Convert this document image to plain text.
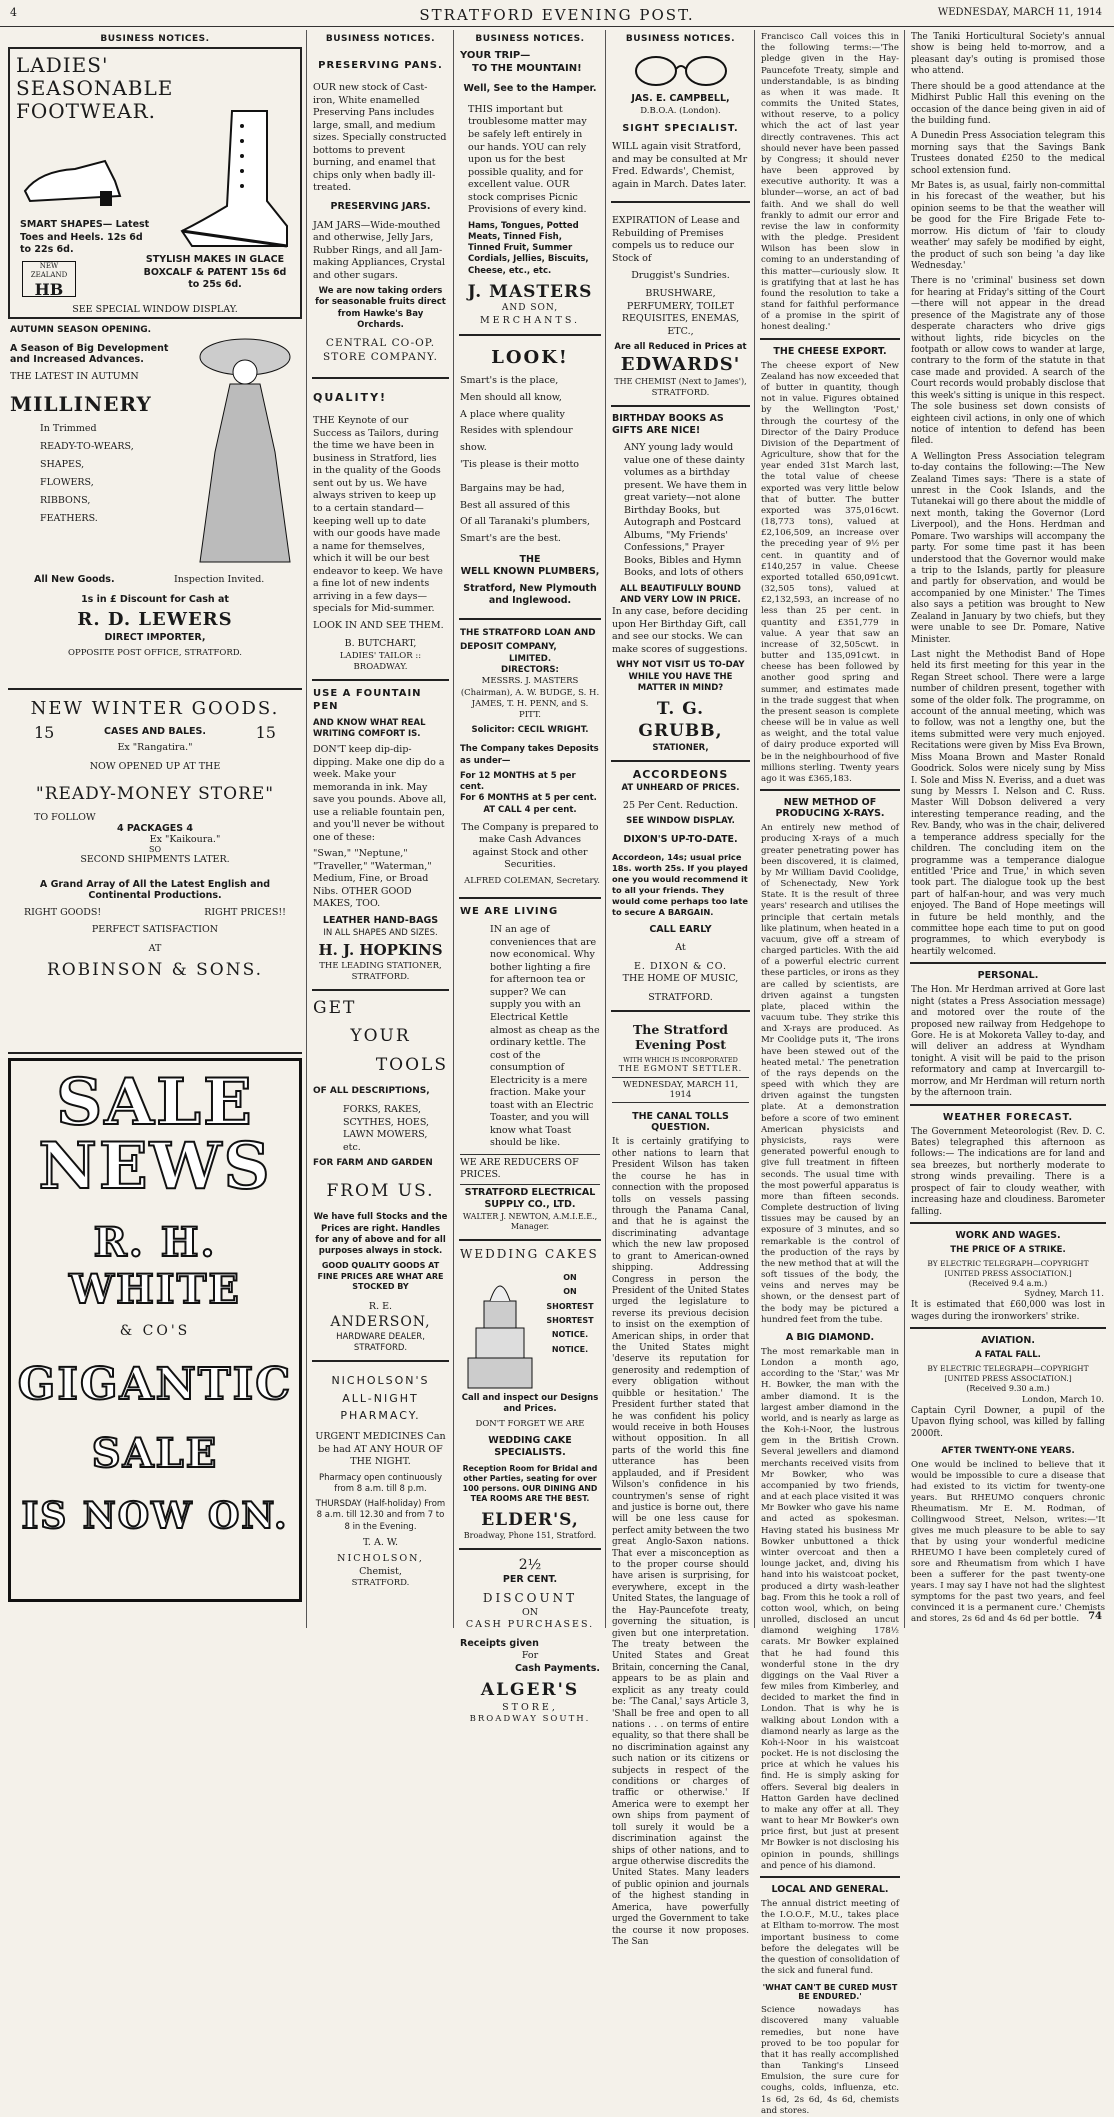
4	STRATFORD EVENING POST.	WEDNESDAY, MARCH 11, 1914
BUSINESS NOTICES.
LADIES' SEASONABLE FOOTWEAR.
SMART SHAPES— Latest Toes and Heels. 12s 6d to 22s 6d.
NEW ZEALAND
HB
STYLISH MAKES IN GLACE BOXCALF & PATENT 15s 6d to 25s 6d.
SEE SPECIAL WINDOW DISPLAY.
AUTUMN SEASON OPENING.
A Season of Big Development and Increased Advances.
THE LATEST IN AUTUMN
MILLINERY
In Trimmed
READY-TO-WEARS,
SHAPES,
FLOWERS,
RIBBONS,
FEATHERS.
All New Goods.	Inspection Invited.
1s in £ Discount for Cash at
R. D. LEWERS
DIRECT IMPORTER,
OPPOSITE POST OFFICE, STRATFORD.
NEW WINTER GOODS.
15	CASES AND BALES.	15
Ex "Rangatira."
NOW OPENED UP AT THE
"READY-MONEY STORE"
TO FOLLOW
4 PACKAGES 4
Ex "Kaikoura."
SO
SECOND SHIPMENTS LATER.
A Grand Array of All the Latest English and Continental Productions.
RIGHT GOODS!	RIGHT PRICES!!
PERFECT SATISFACTION
AT
ROBINSON & SONS.
SALE
NEWS
R. H. WHITE
& CO'S
GIGANTIC
SALE
IS NOW ON.
BUSINESS NOTICES.
PRESERVING PANS.

OUR new stock of Cast-iron, White enamelled Preserving Pans includes large, small, and medium sizes. Specially constructed bottoms to prevent burning, and enamel that chips only when badly ill-treated.

PRESERVING JARS.

JAM JARS—Wide-mouthed and otherwise, Jelly Jars, Rubber Rings, and all Jam-making Appliances, Crystal and other sugars.

We are now taking orders for seasonable fruits direct from Hawke's Bay Orchards.

CENTRAL CO-OP. STORE COMPANY.
QUALITY!

THE Keynote of our Success as Tailors, during the time we have been in business in Stratford, lies in the quality of the Goods sent out by us. We have always striven to keep up to a certain standard—keeping well up to date with our goods have made a name for themselves, which it will be our best endeavor to keep. We have a fine lot of new indents arriving in a few days—specials for Mid-summer.

LOOK IN AND SEE THEM.

B. BUTCHART,
LADIES' TAILOR :: BROADWAY.
USE A FOUNTAIN PEN
AND KNOW WHAT REAL WRITING COMFORT IS.

DON'T keep dip-dip-dipping. Make one dip do a week. Make your memoranda in ink. May save you pounds. Above all, use a reliable fountain pen, and you'll never be without one of these:

"Swan," "Neptune," "Traveller," "Waterman," Medium, Fine, or Broad Nibs. OTHER GOOD MAKES, TOO.

LEATHER HAND-BAGS
IN ALL SHAPES AND SIZES.
H. J. HOPKINS
THE LEADING STATIONER,
STRATFORD.
GET
YOUR
TOOLS
OF ALL DESCRIPTIONS,

FORKS, RAKES, SCYTHES, HOES, LAWN MOWERS, etc.

FOR FARM AND GARDEN
FROM US.

We have full Stocks and the Prices are right. Handles for any of above and for all purposes always in stock.

GOOD QUALITY GOODS AT FINE PRICES ARE WHAT ARE STOCKED BY

R. E.
ANDERSON,
HARDWARE DEALER,
STRATFORD.
NICHOLSON'S ALL-NIGHT PHARMACY.

URGENT MEDICINES Can be had AT ANY HOUR OF THE NIGHT.

Pharmacy open continuously from 8 a.m. till 8 p.m.

THURSDAY (Half-holiday) From 8 a.m. till 12.30 and from 7 to 8 in the Evening.

T. A. W.
NICHOLSON,
Chemist,
STRATFORD.
BUSINESS NOTICES.
YOUR TRIP—
TO THE MOUNTAIN!
Well, See to the Hamper.

THIS important but troublesome matter may be safely left entirely in our hands. YOU can rely upon us for the best possible quality, and for excellent value. OUR stock comprises Picnic Provisions of every kind.

Hams, Tongues, Potted Meats, Tinned Fish, Tinned Fruit, Summer Cordials, Jellies, Biscuits, Cheese, etc., etc.

J. MASTERS
AND SON,
MERCHANTS.
LOOK!
Smart's is the place,
Men should all know,
A place where quality
Resides with splendour show.
'Tis please is their motto
Bargains may be had,
Best all assured of this
Of all Taranaki's plumbers,
Smart's are the best.
THE
WELL KNOWN PLUMBERS,
Stratford, New Plymouth and Inglewood.
THE STRATFORD LOAN AND DEPOSIT COMPANY,
LIMITED.
DIRECTORS:

MESSRS. J. MASTERS (Chairman), A. W. BUDGE, S. H. JAMES, T. H. PENN, and S. PITT.

Solicitor: CECIL WRIGHT.

The Company takes Deposits as under—

For 12 MONTHS at 5 per cent.
For 6 MONTHS at 5 per cent.
AT CALL 4 per cent.

The Company is prepared to make Cash Advances against Stock and other Securities.

ALFRED COLEMAN, Secretary.

WE ARE LIVING

IN an age of conveniences that are now economical. Why bother lighting a fire for afternoon tea or supper? We can supply you with an Electrical Kettle almost as cheap as the ordinary kettle. The cost of the consumption of Electricity is a mere fraction. Make your toast with an Electric Toaster, and you will know what Toast should be like.

WE ARE REDUCERS OF PRICES.
STRATFORD ELECTRICAL SUPPLY CO., LTD.
WALTER J. NEWTON, A.M.I.E.E., Manager.
WEDDING CAKES
ON
ON
SHORTEST
SHORTEST
NOTICE.
NOTICE.

Call and inspect our Designs and Prices.

DON'T FORGET WE ARE
WEDDING CAKE SPECIALISTS.

Reception Room for Bridal and other Parties, seating for over 100 persons. OUR DINING AND TEA ROOMS ARE THE BEST.

ELDER'S,
Broadway, Phone 151, Stratford.
2½
PER CENT.
DISCOUNT
ON
CASH PURCHASES.
Receipts given
For
Cash Payments.
ALGER'S
STORE,
BROADWAY SOUTH.
BUSINESS NOTICES.
JAS. E. CAMPBELL,
D.B.O.A. (London).
SIGHT SPECIALIST.

WILL again visit Stratford, and may be consulted at Mr Fred. Edwards', Chemist, again in March. Dates later.

EXPIRATION of Lease and Rebuilding of Premises compels us to reduce our Stock of

Druggist's Sundries.

BRUSHWARE, PERFUMERY, TOILET REQUISITES, ENEMAS, ETC.,

Are all Reduced in Prices at
EDWARDS'
THE CHEMIST (Next to James'),
STRATFORD.
BIRTHDAY BOOKS AS GIFTS ARE NICE!

ANY young lady would value one of these dainty volumes as a birthday present. We have them in great variety—not alone Birthday Books, but Autograph and Postcard Albums, "My Friends' Confessions," Prayer Books, Bibles and Hymn Books, and lots of others

ALL BEAUTIFULLY BOUND AND VERY LOW IN PRICE.

In any case, before deciding upon Her Birthday Gift, call and see our stocks. We can make scores of suggestions.

WHY NOT VISIT US TO-DAY WHILE YOU HAVE THE MATTER IN MIND?
T. G. GRUBB,
STATIONER,
ACCORDEONS
AT UNHEARD OF PRICES.
25 Per Cent. Reduction.
SEE WINDOW DISPLAY.
DIXON'S UP-TO-DATE.

Accordeon, 14s; usual price 18s. worth 25s. If you played one you would recommend it to all your friends. They would come perhaps too late to secure A BARGAIN.

CALL EARLY
At
E. DIXON & CO.
THE HOME OF MUSIC,
STRATFORD.
The Stratford Evening Post
WITH WHICH IS INCORPORATED
THE EGMONT SETTLER.
WEDNESDAY, MARCH 11, 1914
THE CANAL TOLLS QUESTION.
It is certainly gratifying to other nations to learn that President Wilson has taken the course he has in connection with the proposed tolls on vessels passing through the Panama Canal, and that he is against the discriminating advantage which the new law proposed to grant to American-owned shipping. Addressing Congress in person the President of the United States urged the legislature to reverse its previous decision to insist on the exemption of American ships, in order that the United States might 'deserve its reputation for generosity and redemption of every obligation without quibble or hesitation.' The President further stated that he was confident his policy would receive in both Houses without opposition. In all parts of the world this fine utterance has been applauded, and if President Wilson's confidence in his countrymen's sense of right and justice is borne out, there will be one less cause for perfect amity between the two great Anglo-Saxon nations. That ever a misconception as to the proper course should have arisen is surprising, for everywhere, except in the United States, the language of the Hay-Pauncefote treaty, governing the situation, is given but one interpretation. The treaty between the United States and Great Britain, concerning the Canal, appears to be as plain and explicit as any treaty could be: 'The Canal,' says Article 3, 'Shall be free and open to all nations . . . on terms of entire equality, so that there shall be no discrimination against any such nation or its citizens or subjects in respect of the conditions or charges of traffic or otherwise.' If America were to exempt her own ships from payment of toll surely it would be a discrimination against the ships of other nations, and to argue otherwise discredits the United States. Many leaders of public opinion and journals of the highest standing in America, have powerfully urged the Government to take the course it now proposes. The San
Francisco Call voices this in the following terms:—'The pledge given in the Hay-Pauncefote Treaty, simple and understandable, is as binding as when it was made. It commits the United States, without reserve, to a policy which the act of last year directly contravenes. This act should never have been passed by Congress; it should never have been approved by executive authority. It was a blunder—worse, an act of bad faith. And we shall do well frankly to admit our error and revise the law in conformity with the pledge. President Wilson has been slow in coming to an understanding of this matter—curiously slow. It is gratifying that at last he has found the resolution to take a stand for faithful performance of a promise in the spirit of honest dealing.'
THE CHEESE EXPORT.
The cheese export of New Zealand has now exceeded that of butter in quantity, though not in value. Figures obtained by the Wellington 'Post,' through the courtesy of the Director of the Dairy Produce Division of the Department of Agriculture, show that for the year ended 31st March last, the total value of cheese exported was very little below that of butter. The butter exported was 375,016cwt. (18,773 tons), valued at £2,106,509, an increase over the preceding year of 9½ per cent. in quantity and of £140,257 in value. Cheese exported totalled 650,091cwt. (32,505 tons), valued at £2,132,593, an increase of no less than 25 per cent. in quantity and £351,779 in value. A year that saw an increase of 32,505cwt. in butter and 135,091cwt. in cheese has been followed by another good spring and summer, and estimates made in the trade suggest that when the present season is complete cheese will be in value as well as weight, and the total value of dairy produce exported will be in the neighbourhood of five millions sterling. Twenty years ago it was £365,183.
NEW METHOD OF PRODUCING X-RAYS.
An entirely new method of producing X-rays of a much greater penetrating power has been discovered, it is claimed, by Mr William David Coolidge, of Schenectady, New York State. It is the result of three years' research and utilises the principle that certain metals like platinum, when heated in a vacuum, give off a stream of charged particles. With the aid of a powerful electric current these particles, or irons as they are called by scientists, are driven against a tungsten plate, placed within the vacuum tube. They strike this and X-rays are produced. As Mr Coolidge puts it, 'The irons have been stewed out of the heated metal.' The penetration of the rays depends on the speed with which they are driven against the tungsten plate. At a demonstration before a score of two eminent American physicists and physicists, rays were generated powerful enough to give full treatment in fifteen seconds. The usual time with the most powerful apparatus is more than fifteen seconds. Complete destruction of living tissues may be caused by an exposure of 3 minutes, and so remarkable is the control of the production of the rays by the new method that at will the soft tissues of the body, the veins and nerves may be shown, or the densest part of the body may be pictured a hundred feet from the tube.
A BIG DIAMOND.
The most remarkable man in London a month ago, according to the 'Star,' was Mr H. Bowker, the man with the amber diamond. It is the largest amber diamond in the world, and is nearly as large as the Koh-i-Noor, the lustrous gem in the British Crown. Several jewellers and diamond merchants received visits from Mr Bowker, who was accompanied by two friends, and at each place visited it was Mr Bowker who gave his name and acted as spokesman. Having stated his business Mr Bowker unbuttoned a thick winter overcoat and then a lounge jacket, and, diving his hand into his waistcoat pocket, produced a dirty wash-leather bag. From this he took a roll of cotton wool, which, on being unrolled, disclosed an uncut diamond weighing 178½ carats. Mr Bowker explained that he had found this wonderful stone in the dry diggings on the Vaal River a few miles from Kimberley, and decided to market the find in London. That is why he is walking about London with a diamond nearly as large as the Koh-i-Noor in his waistcoat pocket. He is not disclosing the price at which he values his find. He is simply asking for offers. Several big dealers in Hatton Garden have declined to make any offer at all. They want to hear Mr Bowker's own price first, but just at present Mr Bowker is not disclosing his opinion in pounds, shillings and pence of his diamond.
LOCAL AND GENERAL.
The annual district meeting of the I.O.O.F., M.U., takes place at Eltham to-morrow. The most important business to come before the delegates will be the question of consolidation of the sick and funeral fund.
'WHAT CAN'T BE CURED MUST BE ENDURED.'
Science nowadays has discovered many valuable remedies, but none have proved to be too popular for that it has really accomplished than Tanking's Linseed Emulsion, the sure cure for coughs, colds, influenza, etc. 1s 6d, 2s 6d, 4s 6d, chemists and stores.
The Taniki Horticultural Society's annual show is being held to-morrow, and a pleasant day's outing is promised those who attend.
There should be a good attendance at the Midhirst Public Hall this evening on the occasion of the dance being given in aid of the building fund.
A Dunedin Press Association telegram this morning says that the Savings Bank Trustees donated £250 to the medical school extension fund.
Mr Bates is, as usual, fairly non-committal in his forecast of the weather, but his opinion seems to be that the weather will be good for the Fire Brigade Fete to-morrow. His dictum of 'fair to cloudy weather' may safely be modified by eight, the product of such son being 'a day like Wednesday.'
There is no 'criminal' business set down for hearing at Friday's sitting of the Court—there will not appear in the dread presence of the Magistrate any of those desperate characters who drive gigs without lights, ride bicycles on the footpath or allow cows to wander at large, contrary to the form of the statute in that case made and provided. A search of the Court records would probably disclose that this week's sitting is unique in this respect. The sole business set down consists of eighteen civil actions, in only one of which notice of intention to defend has been filed.
A Wellington Press Association telegram to-day contains the following:—The New Zealand Times says: 'There is a state of unrest in the Cook Islands, and the Tutanekai will go there about the middle of next month, taking the Governor (Lord Liverpool), and the Hons. Herdman and Pomare. Two warships will accompany the party. For some time past it has been understood that the Governor would make a trip to the Islands, partly for pleasure and partly for observation, and would be accompanied by one Minister.' The Times also says a petition was brought to New Zealand in January by two chiefs, but they were unable to see Dr. Pomare, Native Minister.
Last night the Methodist Band of Hope held its first meeting for this year in the Regan Street school. There were a large number of children present, together with some of the older folk. The programme, on account of the annual meeting, which was to follow, was not a lengthy one, but the items submitted were very much enjoyed. Recitations were given by Miss Eva Brown, Miss Moana Brown and Master Ronald Goodrick. Solos were nicely sung by Miss I. Sole and Miss N. Everiss, and a duet was sung by Messrs I. Nelson and C. Russ. Master Will Dobson delivered a very interesting temperance reading, and the Rev. Bandy, who was in the chair, delivered a temperance address specially for the children. The concluding item on the programme was a temperance dialogue entitled 'Price and True,' in which seven took part. The dialogue took up the best part of half-an-hour, and was very much enjoyed. The Band of Hope meetings will in future be held monthly, and the committee hope each time to put on good programmes, to which everybody is heartily welcomed.
PERSONAL.
The Hon. Mr Herdman arrived at Gore last night (states a Press Association message) and motored over the route of the proposed new railway from Hedgehope to Gore. He is at Mokoreta Valley to-day, and will deliver an address at Wyndham tonight. A visit will be paid to the prison reformatory and camp at Invercargill to-morrow, and Mr Herdman will return north by the afternoon train.
WEATHER FORECAST.
The Government Meteorologist (Rev. D. C. Bates) telegraphed this afternoon as follows:— The indications are for land and sea breezes, but northerly moderate to strong winds prevailing. There is a prospect of fair to cloudy weather, with increasing haze and cloudiness. Barometer falling.
WORK AND WAGES.
THE PRICE OF A STRIKE.
BY ELECTRIC TELEGRAPH—COPYRIGHT
[UNITED PRESS ASSOCIATION.]
(Received 9.4 a.m.)
Sydney, March 11.
It is estimated that £60,000 was lost in wages during the ironworkers' strike.
AVIATION.
A FATAL FALL.
BY ELECTRIC TELEGRAPH—COPYRIGHT
[UNITED PRESS ASSOCIATION.]
(Received 9.30 a.m.)
London, March 10.
Captain Cyril Downer, a pupil of the Upavon flying school, was killed by falling 2000ft.
AFTER TWENTY-ONE YEARS.
One would be inclined to believe that it would be impossible to cure a disease that had existed to its victim for twenty-one years. But RHEUMO conquers chronic Rheumatism. Mr E. M. Rodman, of Collingwood Street, Nelson, writes:—'It gives me much pleasure to be able to say that by using your wonderful medicine RHEUMO I have been completely cured of sore and Rheumatism from which I have been a sufferer for the past twenty-one years. I may say I have not had the slightest symptoms for the past two years, and feel convinced it is a permanent cure.' Chemists and stores, 2s 6d and 4s 6d per bottle. 74
